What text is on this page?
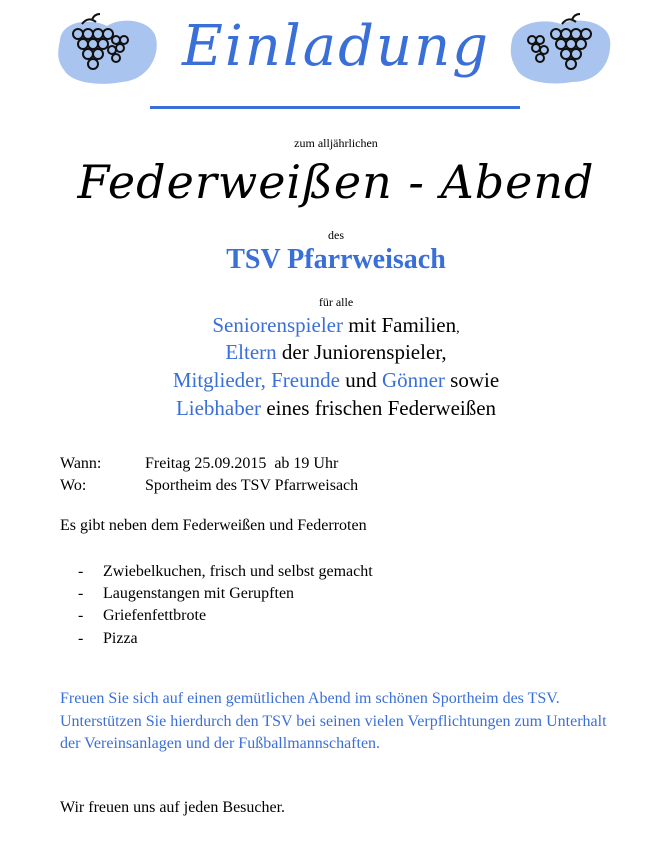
Einladung
zum alljährlichen
Federweißen - Abend
des
TSV Pfarrweisach
für alle
Seniorenspieler mit Familien,
Eltern der Juniorenspieler,
Mitglieder, Freunde und Gönner sowie
Liebhaber eines frischen Federweißen
Wann:	Freitag 25.09.2015  ab 19 Uhr
Wo:	Sportheim des TSV Pfarrweisach
Es gibt neben dem Federweißen und Federroten
- Zwiebelkuchen, frisch und selbst gemacht
- Laugenstangen mit Gerupften
- Griefenfettbrote
- Pizza
Freuen Sie sich auf einen gemütlichen Abend im schönen Sportheim des TSV. Unterstützen Sie hierdurch den TSV bei seinen vielen Verpflichtungen zum Unterhalt der Vereinsanlagen und der Fußballmannschaften.
Wir freuen uns auf jeden Besucher.
